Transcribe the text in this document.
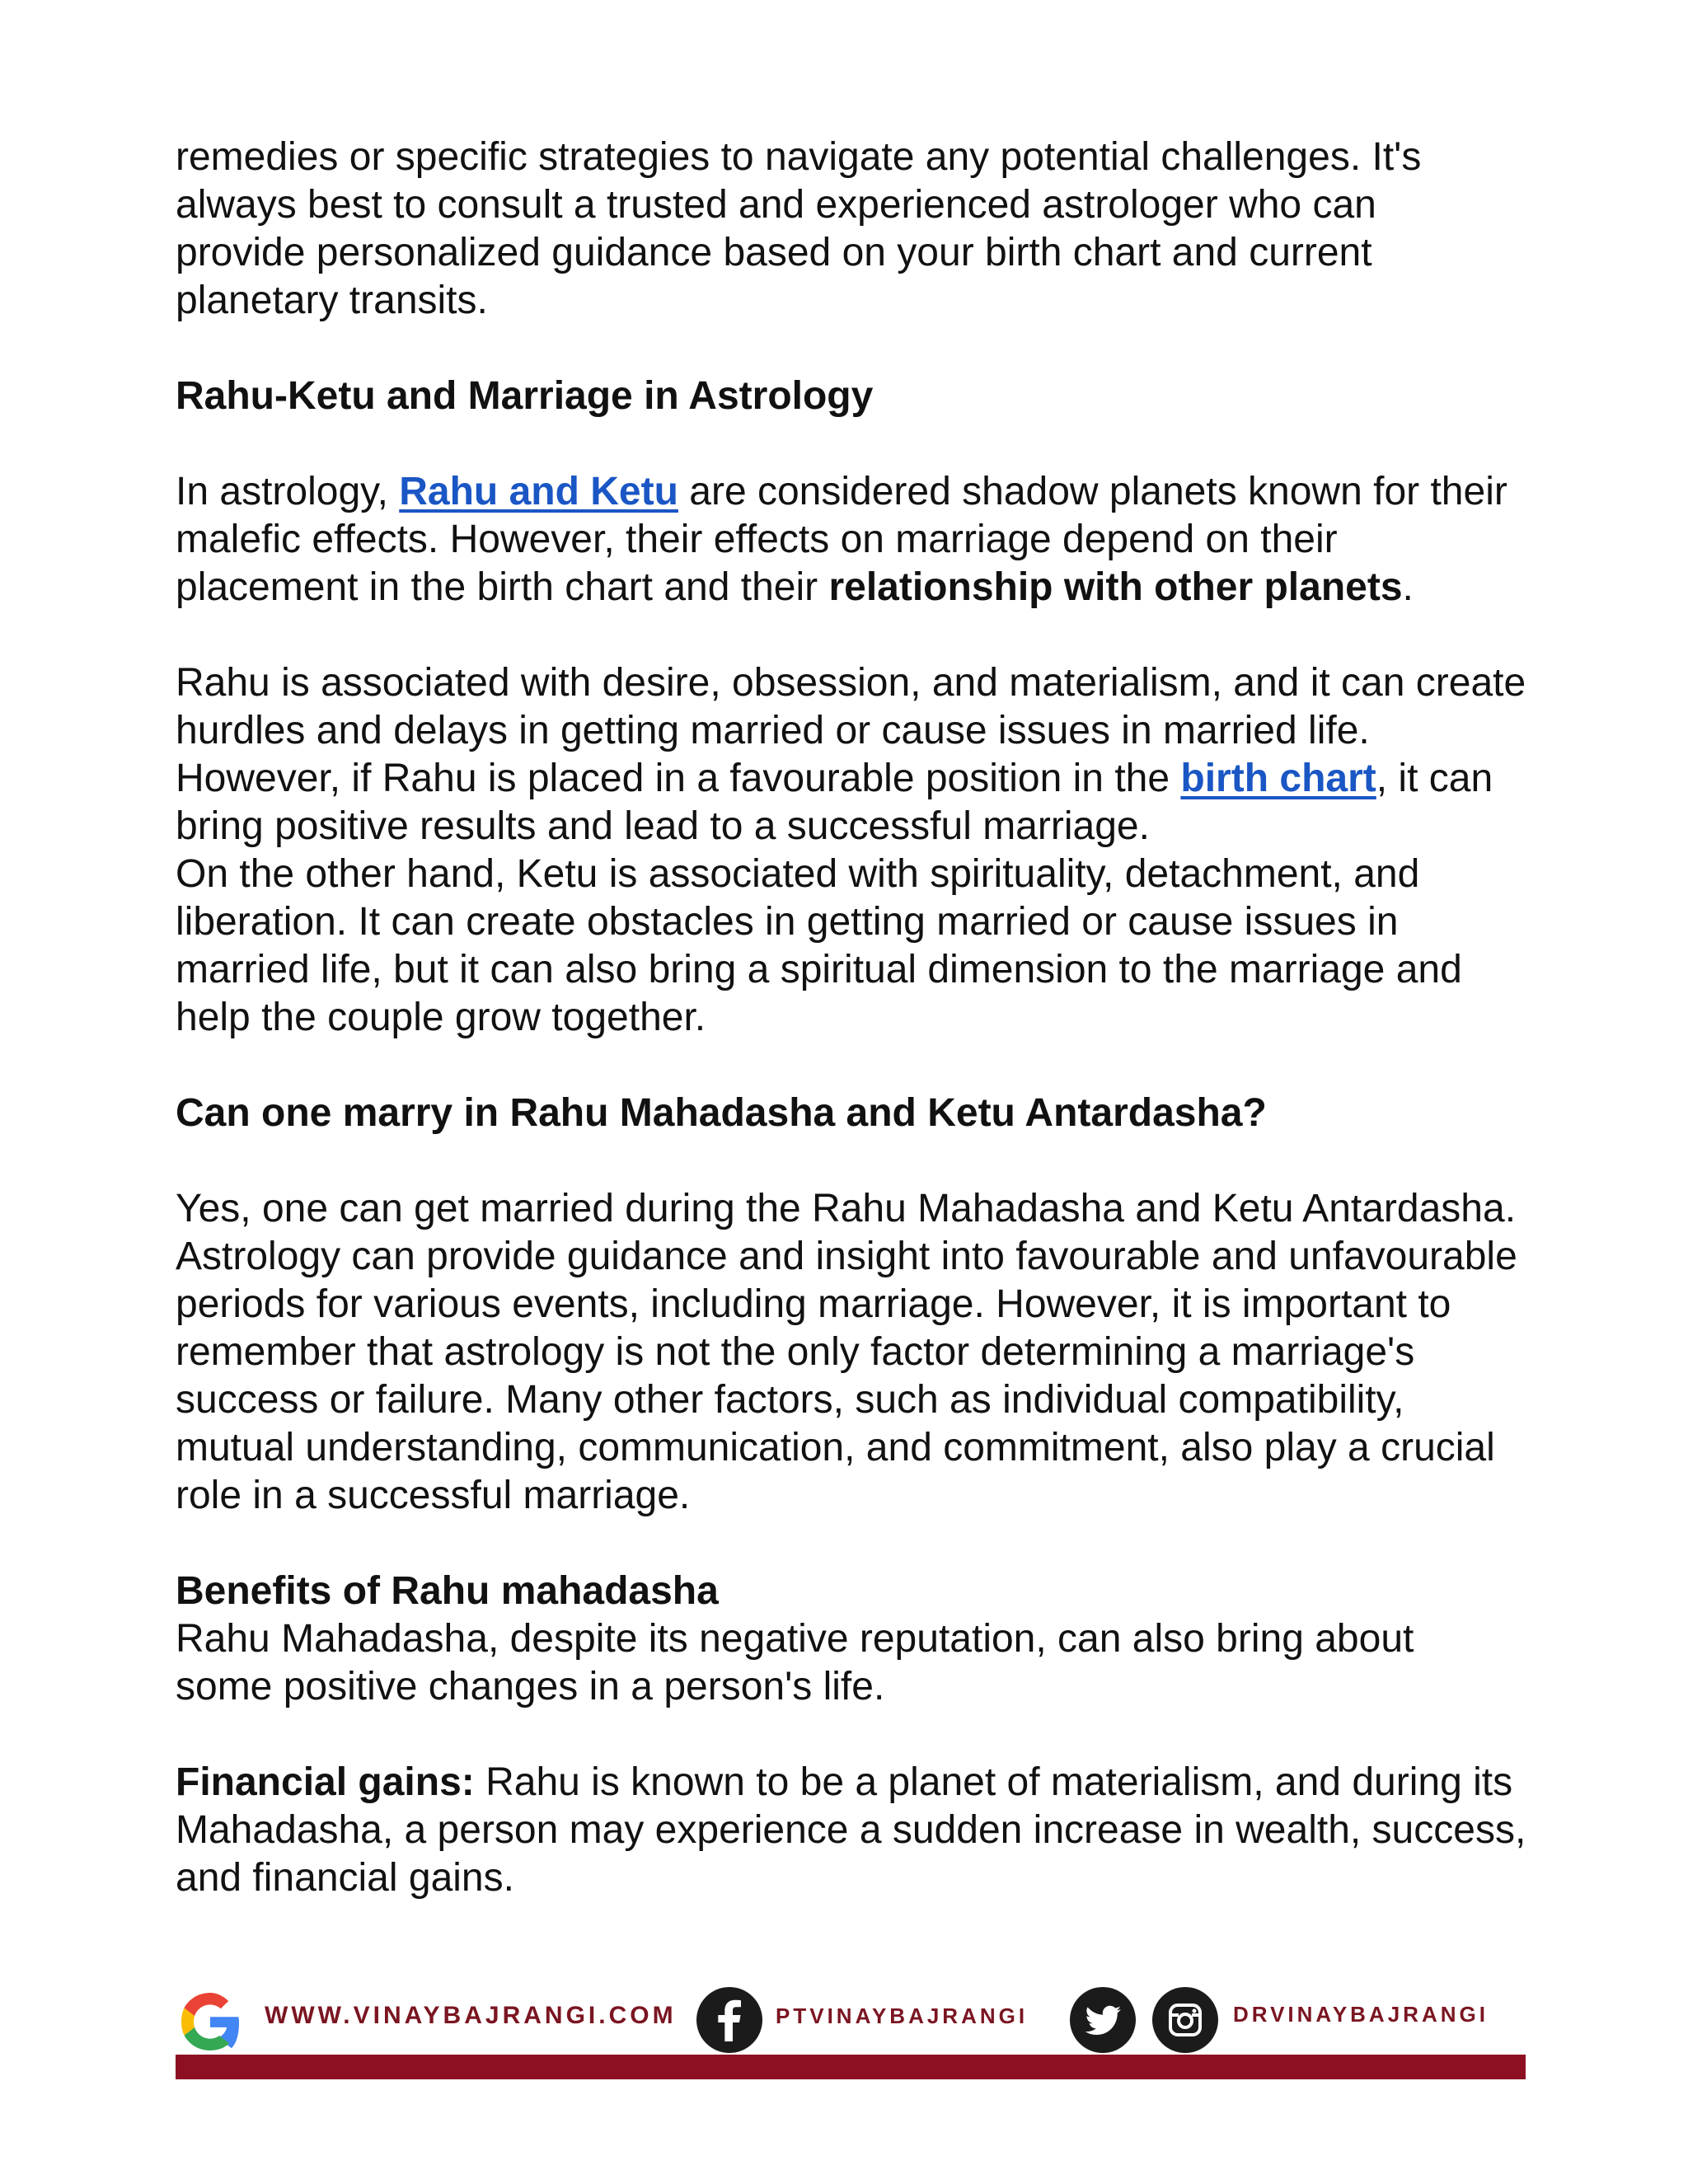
remedies or specific strategies to navigate any potential challenges. It's always best to consult a trusted and experienced astrologer who can provide personalized guidance based on your birth chart and current planetary transits.

Rahu-Ketu and Marriage in Astrology

In astrology, Rahu and Ketu are considered shadow planets known for their malefic effects. However, their effects on marriage depend on their placement in the birth chart and their relationship with other planets.

Rahu is associated with desire, obsession, and materialism, and it can create hurdles and delays in getting married or cause issues in married life. However, if Rahu is placed in a favourable position in the birth chart, it can bring positive results and lead to a successful marriage.

On the other hand, Ketu is associated with spirituality, detachment, and liberation. It can create obstacles in getting married or cause issues in married life, but it can also bring a spiritual dimension to the marriage and help the couple grow together.

Can one marry in Rahu Mahadasha and Ketu Antardasha?

Yes, one can get married during the Rahu Mahadasha and Ketu Antardasha. Astrology can provide guidance and insight into favourable and unfavourable periods for various events, including marriage. However, it is important to remember that astrology is not the only factor determining a marriage's success or failure. Many other factors, such as individual compatibility, mutual understanding, communication, and commitment, also play a crucial role in a successful marriage.

Benefits of Rahu mahadasha

Rahu Mahadasha, despite its negative reputation, can also bring about some positive changes in a person's life.

Financial gains: Rahu is known to be a planet of materialism, and during its Mahadasha, a person may experience a sudden increase in wealth, success, and financial gains.

WWW.VINAYBAJRANGI.COM	PTVINAYBAJRANGI	DRVINAYBAJRANGI
